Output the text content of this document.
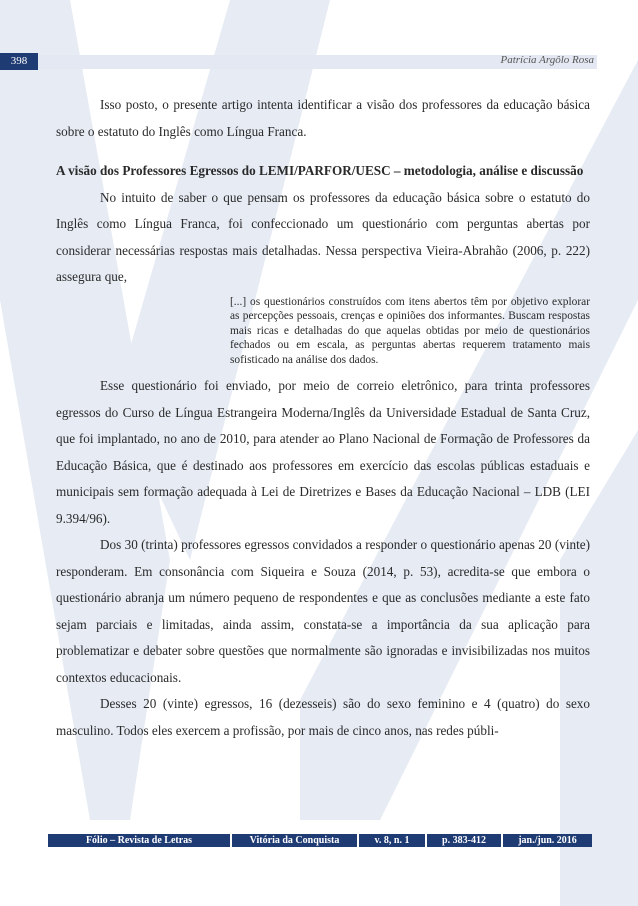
398	Patrícia Argôlo Rosa

Isso posto, o presente artigo intenta identificar a visão dos professores da educação básica sobre o estatuto do Inglês como Língua Franca.

A visão dos Professores Egressos do LEMI/PARFOR/UESC – metodologia, análise e discussão

No intuito de saber o que pensam os professores da educação básica sobre o estatuto do Inglês como Língua Franca, foi confeccionado um questionário com perguntas abertas por considerar necessárias respostas mais detalhadas. Nessa perspectiva Vieira-Abrahão (2006, p. 222) assegura que,

[...] os questionários construídos com itens abertos têm por objetivo explorar as percepções pessoais, crenças e opiniões dos informantes. Buscam respostas mais ricas e detalhadas do que aquelas obtidas por meio de questionários fechados ou em escala, as perguntas abertas requerem tratamento mais sofisticado na análise dos dados.

Esse questionário foi enviado, por meio de correio eletrônico, para trinta professores egressos do Curso de Língua Estrangeira Moderna/Inglês da Universidade Estadual de Santa Cruz, que foi implantado, no ano de 2010, para atender ao Plano Nacional de Formação de Professores da Educação Básica, que é destinado aos professores em exercício das escolas públicas estaduais e municipais sem formação adequada à Lei de Diretrizes e Bases da Educação Nacional – LDB (LEI 9.394/96).

Dos 30 (trinta) professores egressos convidados a responder o questionário apenas 20 (vinte) responderam. Em consonância com Siqueira e Souza (2014, p. 53), acredita-se que embora o questionário abranja um número pequeno de respondentes e que as conclusões mediante a este fato sejam parciais e limitadas, ainda assim, constata-se a importância da sua aplicação para problematizar e debater sobre questões que normalmente são ignoradas e invisibilizadas nos muitos contextos educacionais.

Desses 20 (vinte) egressos, 16 (dezesseis) são do sexo feminino e 4 (quatro) do sexo masculino. Todos eles exercem a profissão, por mais de cinco anos, nas redes públi-

Fólio – Revista de Letras	Vitória da Conquista	v. 8, n. 1	p. 383-412	jan./jun. 2016
